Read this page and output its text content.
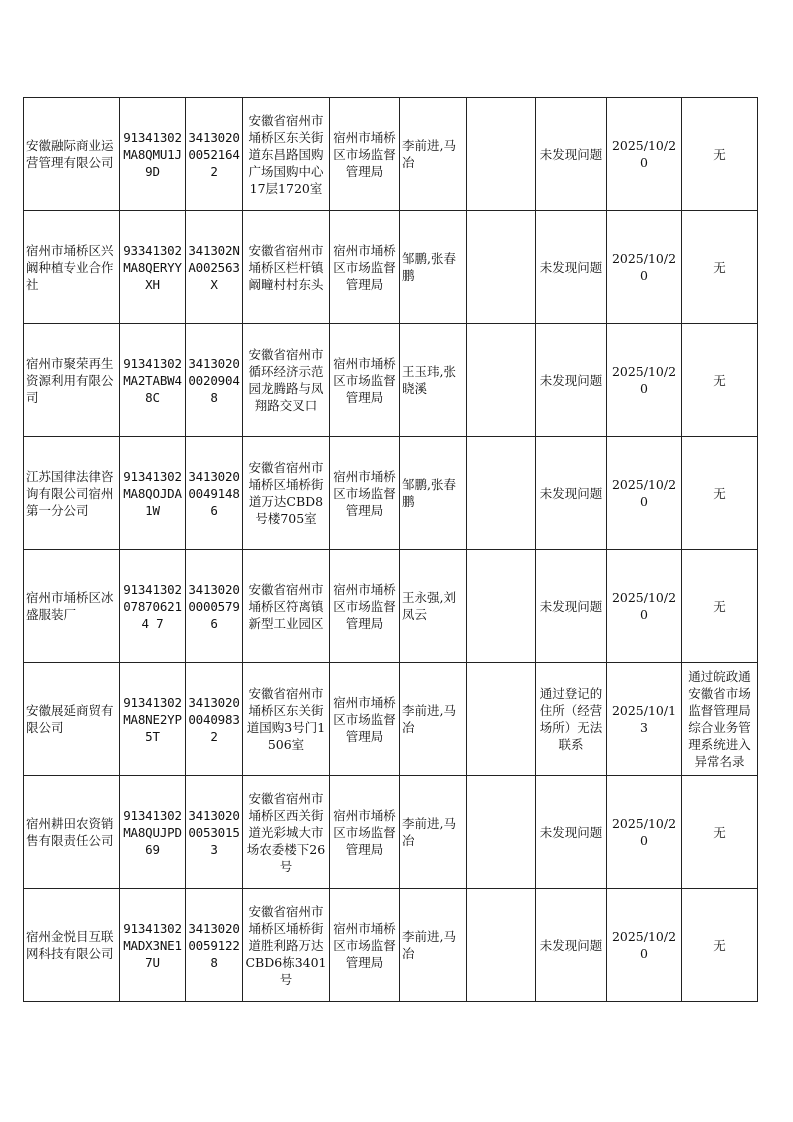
安徽融际商业运营管理有限公司	91341302MA8QMU1J9D	341302000521642	安徽省宿州市埇桥区东关街道东昌路国购广场国购中心17层1720室	宿州市埇桥区市场监督管理局	李前进,马冶		未发现问题	2025/10/20	无
宿州市埇桥区兴阚种植专业合作社	93341302MA8QERYYXH	341302NA002563X	安徽省宿州市埇桥区栏杆镇阚疃村村东头	宿州市埇桥区市场监督管理局	邹鹏,张春鹏		未发现问题	2025/10/20	无
宿州市聚荣再生资源利用有限公司	91341302MA2TABW48C	341302000209048	安徽省宿州市循环经济示范园龙腾路与凤翔路交叉口	宿州市埇桥区市场监督管理局	王玉玮,张晓溪		未发现问题	2025/10/20	无
江苏国律法律咨询有限公司宿州第一分公司	91341302MA8QOJDA1W	341302000491486	安徽省宿州市埇桥区埇桥街道万达CBD8号楼705室	宿州市埇桥区市场监督管理局	邹鹏,张春鹏		未发现问题	2025/10/20	无
宿州市埇桥区冰盛服装厂	91341302078706214 7	341302000005796	安徽省宿州市埇桥区符离镇新型工业园区	宿州市埇桥区市场监督管理局	王永强,刘凤云		未发现问题	2025/10/20	无
安徽展延商贸有限公司	91341302MA8NE2YP5T	341302000409832	安徽省宿州市埇桥区东关街道国购3号门1506室	宿州市埇桥区市场监督管理局	李前进,马冶		通过登记的住所（经营场所）无法联系	2025/10/13	通过皖政通安徽省市场监督管理局综合业务管理系统进入异常名录
宿州耕田农资销售有限责任公司	91341302MA8QUJPD69	341302000530153	安徽省宿州市埇桥区西关街道光彩城大市场农委楼下26号	宿州市埇桥区市场监督管理局	李前进,马冶		未发现问题	2025/10/20	无
宿州金悦目互联网科技有限公司	91341302MADX3NE17U	341302000591228	安徽省宿州市埇桥区埇桥街道胜利路万达CBD6栋3401号	宿州市埇桥区市场监督管理局	李前进,马冶		未发现问题	2025/10/20	无
